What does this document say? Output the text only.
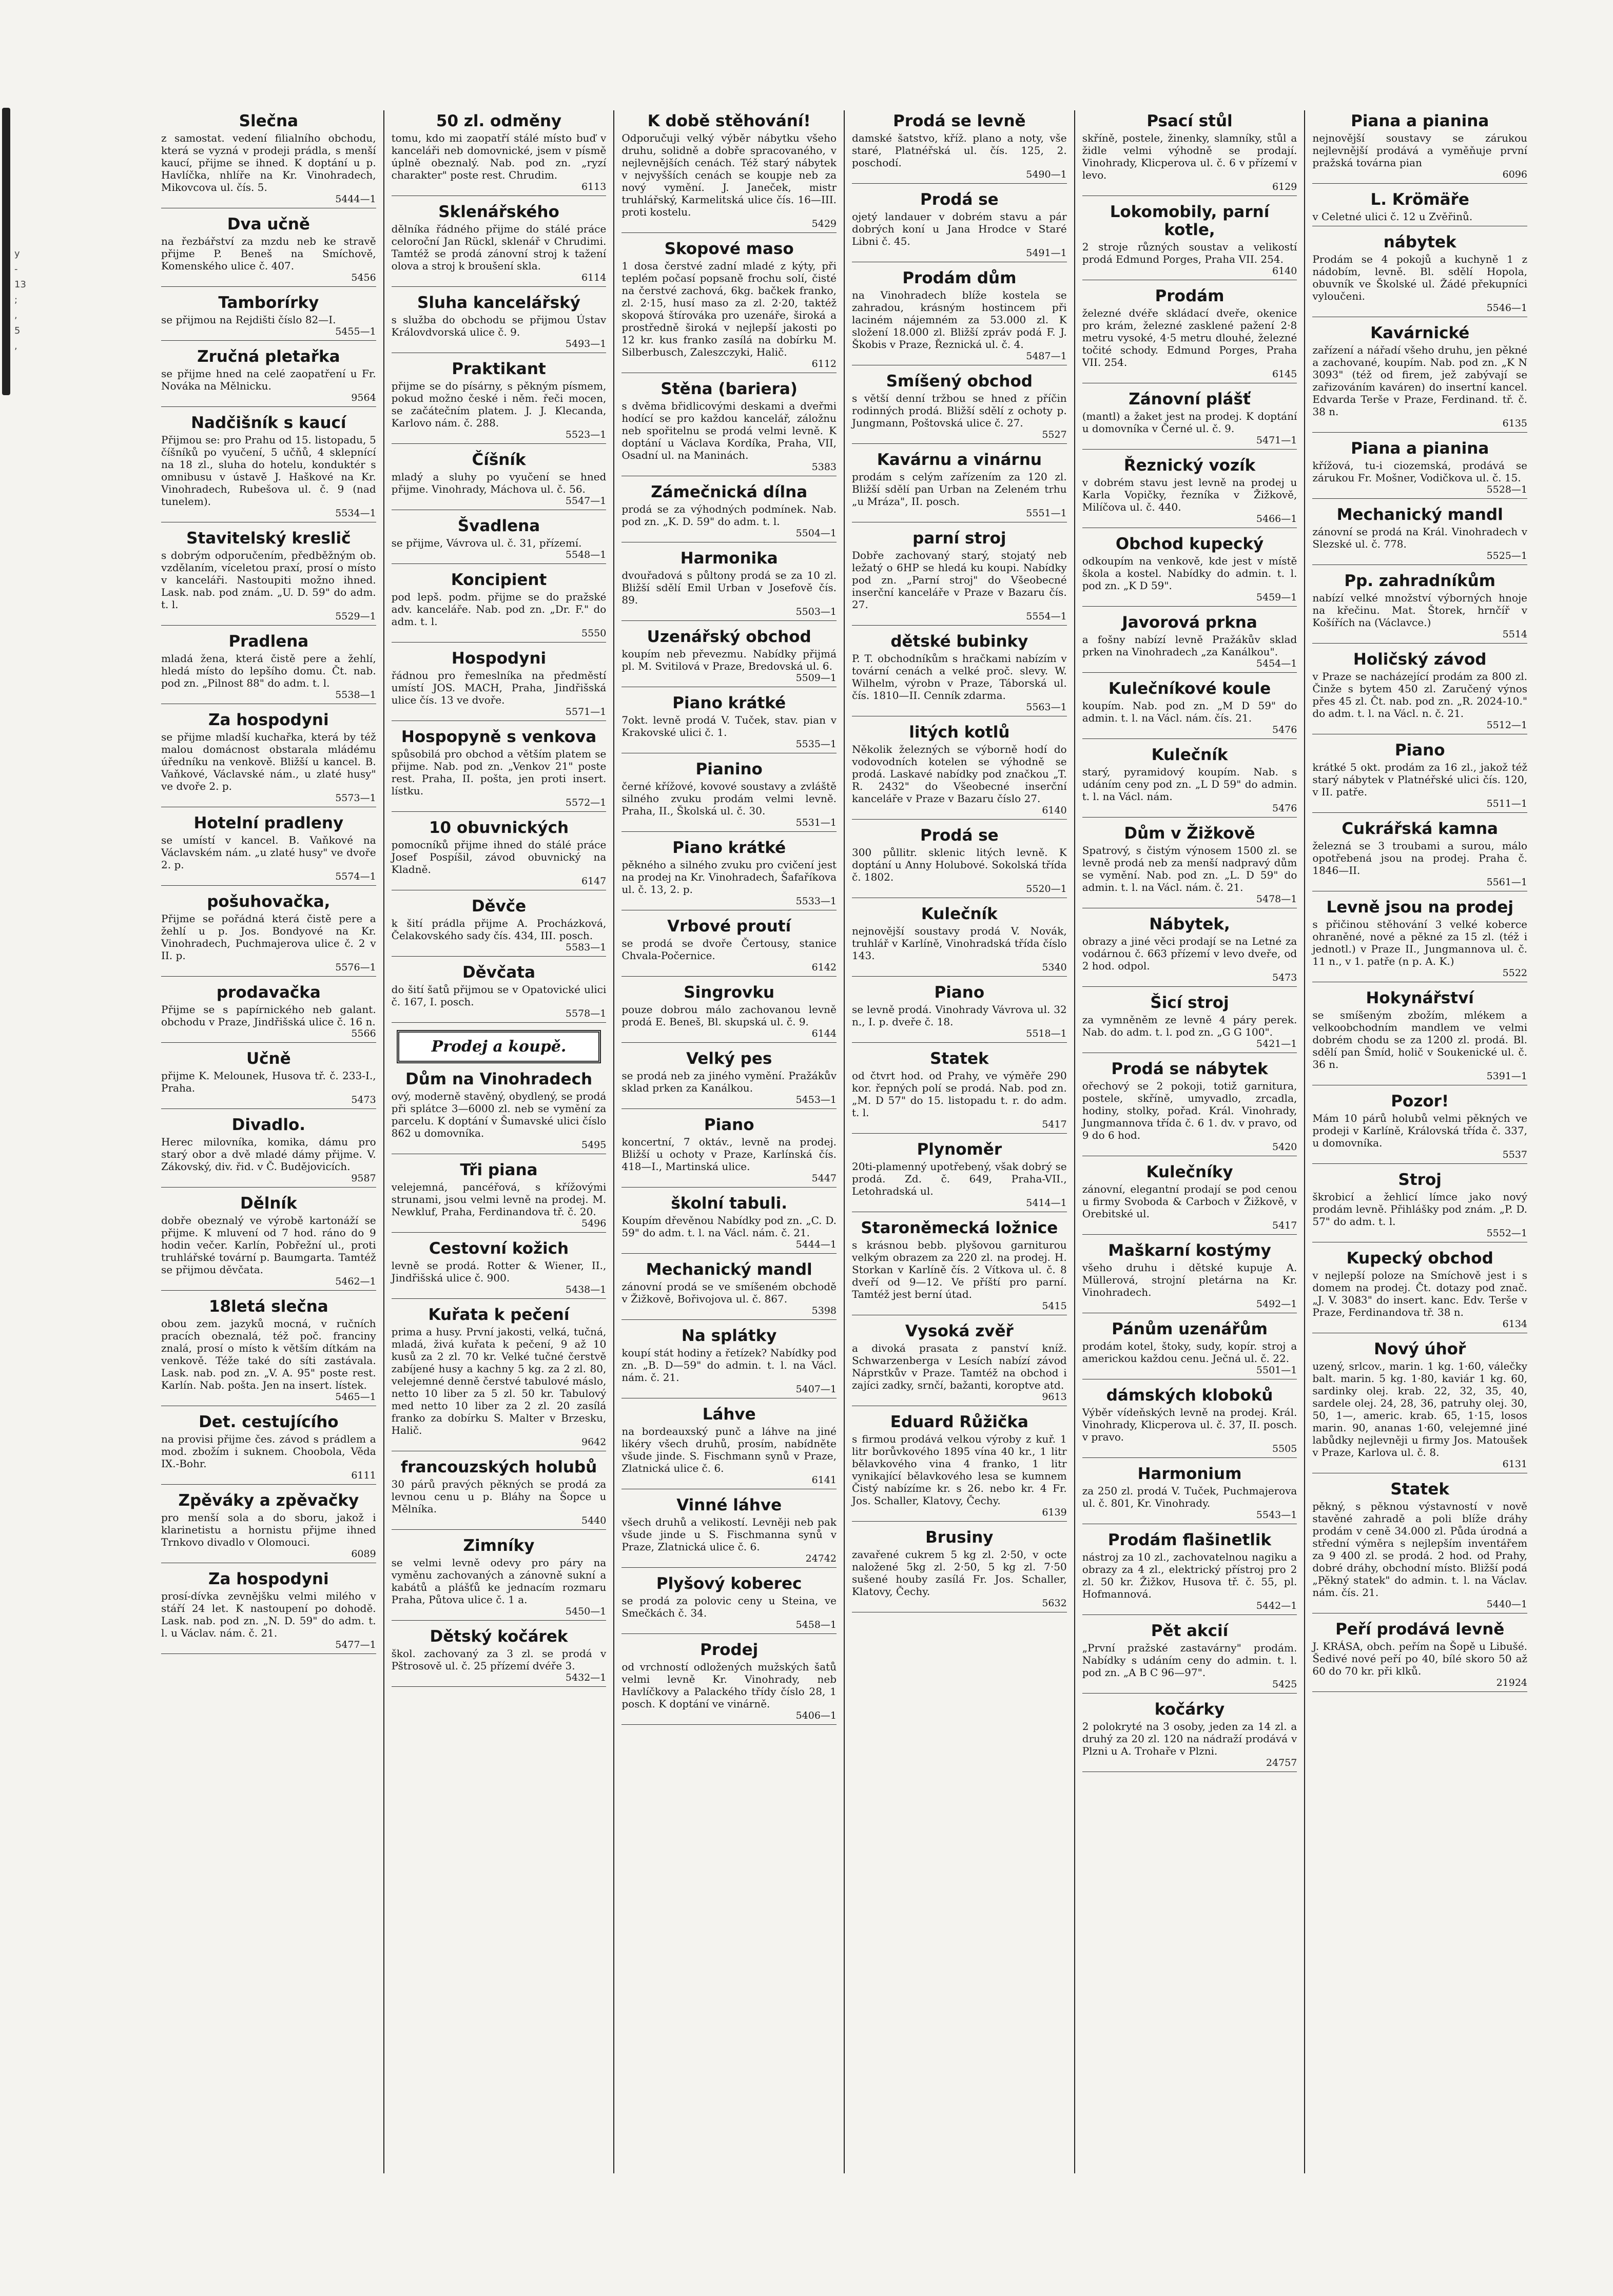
y
-
13
;
,
5
,
Slečna

z samostat. vedení filialního obchodu, která se vyzná v prodeji prádla, s menší kaucí, přijme se ihned. K doptání u p. Havlíčka, nhlíře na Kr. Vinohradech, Mikovcova ul. čís. 5.

5444—1
Dva učně

na řezbářství za mzdu neb ke stravě přijme P. Beneš na Smíchově, Komenského ulice č. 407.

5456
Tamborírky

se přijmou na Rejdišti číslo 82—I.

5455—1
Zručná pletařka

se přijme hned na celé zaopatření u Fr. Nováka na Mělnicku.

9564
Nadčišník s kaucí

Přijmou se: pro Prahu od 15. listopadu, 5 číšníků po vyučení, 5 učňů, 4 sklepnící na 18 zl., sluha do hotelu, konduktér s omnibusu v ústavě J. Haškové na Kr. Vinohradech, Rubešova ul. č. 9 (nad tunelem).

5534—1
Stavitelský kreslič

s dobrým odporučením, předběžným ob. vzdělaním, víceletou praxí, prosí o místo v kanceláři. Nastoupiti možno ihned. Lask. nab. pod znám. „U. D. 59" do adm. t. l.

5529—1
Pradlena

mladá žena, která čistě pere a žehlí, hledá místo do lepšího domu. Čt. nab. pod zn. „Pilnost 88" do adm. t. l.

5538—1
Za hospodyni

se přijme mladší kuchařka, která by též malou domácnost obstarala mládému úředníku na venkově. Bližší u kancel. B. Vaňkové, Václavské nám., u zlaté husy" ve dvoře 2. p.

5573—1
Hotelní pradleny

se umístí v kancel. B. Vaňkové na Václavském nám. „u zlaté husy" ve dvoře 2. p.

5574—1
pošuhovačka,

Přijme se pořádná která čistě pere a žehlí u p. Jos. Bondyové na Kr. Vinohradech, Puchmajerova ulice č. 2 v II. p.

5576—1
prodavačka

Přijme se s papírnického neb galant. obchodu v Praze, Jindřišská ulice č. 16 n.

5566
Učně

přijme K. Melounek, Husova tř. č. 233-I., Praha.

5473
Divadlo.

Herec milovníka, komika, dámu pro starý obor a dvě mladé dámy přijme. V. Zákovský, div. řid. v Č. Budějovicích.

9587
Dělník

dobře obeznalý ve výrobě kartonáží se přijme. K mluvení od 7 hod. ráno do 9 hodin večer. Karlín, Pobřežní ul., proti truhlářské tovární p. Baumgarta. Tamtéž se přijmou děvčata.

5462—1
18letá slečna

obou zem. jazyků mocná, v ručních pracích obeznalá, též poč. franciny znalá, prosí o místo k větším dítkám na venkově. Téže také do síti zastávala. Lask. nab. pod zn. „V. A. 95" poste rest. Karlín. Nab. pošta. Jen na insert. lístek.

5465—1
Det. cestujícího

na provisi přijme čes. závod s prádlem a mod. zbožím i suknem. Choobola, Věda IX.-Bohr.

6111
Zpěváky a zpěvačky

pro menší sola a do sboru, jakož i klarinetistu a hornistu přijme ihned Trnkovo divadlo v Olomouci.

6089
Za hospodyni

prosí-dívka zevnějšku velmi milého v stáří 24 let. K nastoupení po dohodě. Lask. nab. pod zn. „N. D. 59" do adm. t. l. u Václav. nám. č. 21.

5477—1
50 zl. odměny

tomu, kdo mi zaopatří stálé místo buď v kanceláři neb domovnické, jsem v písmě úplně obeznalý. Nab. pod zn. „ryzí charakter" poste rest. Chrudim.

6113
Sklenářského

dělníka řádného přijme do stálé práce celoroční Jan Rückl, sklenář v Chrudimi. Tamtéž se prodá zánovní stroj k tažení olova a stroj k broušení skla.

6114
Sluha kancelářský

s služba do obchodu se přijmou Ústav Královdvorská ulice č. 9.

5493—1
Praktikant

přijme se do písárny, s pěkným písmem, pokud možno české i něm. řeči mocen, se začátečním platem. J. J. Klecanda, Karlovo nám. č. 288.

5523—1
Číšník

mladý a sluhy po vyučení se hned přijme. Vinohrady, Máchova ul. č. 56.

5547—1
Švadlena

se přijme, Vávrova ul. č. 31, přízemí.

5548—1
Koncipient

pod lepš. podm. přijme se do pražské adv. kanceláře. Nab. pod zn. „Dr. F." do adm. t. l.

5550
Hospodyni

řádnou pro řemeslníka na předměstí umístí JOS. MACH, Praha, Jindřišská ulice čís. 13 ve dvoře.

5571—1
Hospopyně s venkova

spůsobilá pro obchod a větším platem se přijme. Nab. pod zn. „Venkov 21" poste rest. Praha, II. pošta, jen proti insert. lístku.

5572—1
10 obuvnických

pomocníků přijme ihned do stálé práce Josef Pospíšil, závod obuvnický na Kladně.

6147
Děvče

k šití prádla přijme A. Procházková, Čelakovského sady čís. 434, III. posch.

5583—1
Děvčata

do šití šatů přijmou se v Opatovické ulici č. 167, I. posch.

5578—1
Prodej a koupě.
Dům na Vinohradech

ový, moderně stavěný, obydlený, se prodá při splátce 3—6000 zl. neb se vymění za parcelu. K doptání v Šumavské ulici číslo 862 u domovníka.

5495
Tři piana

velejemná, pancéřová, s křížovými strunami, jsou velmi levně na prodej. M. Newkluf, Praha, Ferdinandova tř. č. 20.

5496
Cestovní kožich

levně se prodá. Rotter & Wiener, II., Jindřišská ulice č. 900.

5438—1
Kuřata k pečení

prima a husy. První jakosti, velká, tučná, mladá, živá kuřata k pečení, 9 až 10 kusů za 2 zl. 70 kr. Velké tučné čerstvě zabíjené husy a kachny 5 kg. za 2 zl. 80, velejemné denně čerstvé tabulové máslo, netto 10 liber za 5 zl. 50 kr. Tabulový med netto 10 liber za 2 zl. 20 zasílá franko za dobírku S. Malter v Brzesku, Halič.

9642
francouzských holubů

30 párů pravých pěkných se prodá za levnou cenu u p. Bláhy na Šopce u Mělníka.

5440
Zimníky

se velmi levně odevy pro páry na vyměnu zachovaných a zánovně sukní a kabátů a plášťů ke jednacím rozmaru Praha, Půtova ulice č. 1 a.

5450—1
Dětský kočárek

škol. zachovaný za 3 zl. se prodá v Pštrosově ul. č. 25 přízemí dvéře 3.

5432—1
K době stěhování!

Odporučuji velký výběr nábytku všeho druhu, solidně a dobře spracovaného, v nejlevnějších cenách. Též starý nábytek v nejvyšších cenách se koupje neb za nový vymění. J. Janeček, mistr truhlářský, Karmelitská ulice čís. 16—III. proti kostelu.

5429
Skopové maso

1 dosa čerstvé zadní mladé z kýty, při teplém počasí popsaně frochu solí, čisté na čerstvé zachová, 6kg. bačkek franko, zl. 2·15, husí maso za zl. 2·20, taktéž skopová štírováka pro uzenáře, široká a prostředně široká v nejlepší jakosti po 12 kr. kus franko zasílá na dobírku M. Silberbusch, Zaleszczyki, Halič.

6112
Stěna (bariera)

s dvěma břidlicovými deskami a dveřmi hodící se pro každou kancelář, záložnu neb spořitelnu se prodá velmi levně. K doptání u Václava Kordíka, Praha, VII, Osadní ul. na Maninách.

5383
Zámečnická dílna

prodá se za výhodných podmínek. Nab. pod zn. „K. D. 59" do adm. t. l.

5504—1
Harmonika

dvouřadová s půltony prodá se za 10 zl. Bližší sdělí Emil Urban v Josefově čís. 89.

5503—1
Uzenářský obchod

koupím neb převezmu. Nabídky přijmá pl. M. Svitilová v Praze, Bredovská ul. 6.

5509—1
Piano krátké

7okt. levně prodá V. Tuček, stav. pian v Krakovské ulici č. 1.

5535—1
Pianino

černé křížové, kovové soustavy a zvláště silného zvuku prodám velmi levně. Praha, II., Školská ul. č. 30.

5531—1
Piano krátké

pěkného a silného zvuku pro cvičení jest na prodej na Kr. Vinohradech, Šafaříkova ul. č. 13, 2. p.

5533—1
Vrbové proutí

se prodá se dvoře Čertousy, stanice Chvala-Počernice.

6142
Singrovku

pouze dobrou málo zachovanou levně prodá E. Beneš, Bl. skupská ul. č. 9.

6144
Velký pes

se prodá neb za jiného vymění. Pražákův sklad prken za Kanálkou.

5453—1
Piano

koncertní, 7 oktáv., levně na prodej. Bližší u ochoty v Praze, Karlínská čís. 418—I., Martinská ulice.

5447
školní tabuli.

Koupím dřevěnou Nabídky pod zn. „C. D. 59" do adm. t. l. na Václ. nám. č. 21.

5444—1
Mechanický mandl

zánovní prodá se ve smíšeném obchodě v Žižkově, Bořivojova ul. č. 867.

5398
Na splátky

koupí stát hodiny a řetízek? Nabídky pod zn. „B. D—59" do admin. t. l. na Václ. nám. č. 21.

5407—1
Láhve

na bordeauxský punč a láhve na jiné likéry všech druhů, prosím, nabídněte všude jinde. S. Fischmann synů v Praze, Zlatnická ulice č. 6.

6141
Vinné láhve

všech druhů a velikostí. Levněji neb pak všude jinde u S. Fischmanna synů v Praze, Zlatnická ulice č. 6.

24742
Plyšový koberec

se prodá za polovic ceny u Steina, ve Smečkách č. 34.

5458—1
Prodej

od vrchností odložených mužských šatů velmi levně Kr. Vinohrady, neb Havlíčkovy a Palackého třídy číslo 28, 1 posch. K doptání ve vinárně.

5406—1
Prodá se levně

damské šatstvo, kříž. plano a noty, vše staré, Platnéřská ul. čís. 125, 2. poschodí.

5490—1
Prodá se

ojetý landauer v dobrém stavu a pár dobrých koní u Jana Hrodce v Staré Libni č. 45.

5491—1
Prodám dům

na Vinohradech blíže kostela se zahradou, krásným hostincem při laciném nájemném za 53.000 zl. K složení 18.000 zl. Bližší zpráv podá F. J. Škobis v Praze, Řeznická ul. č. 4.

5487—1
Smíšený obchod

s větší denní tržbou se hned z příčin rodinných prodá. Bližší sdělí z ochoty p. Jungmann, Poštovská ulice č. 27.

5527
Kavárnu a vinárnu

prodám s celým zařízením za 120 zl. Bližší sdělí pan Urban na Zeleném trhu „u Mráza", II. posch.

5551—1
parní stroj

Dobře zachovaný starý, stojatý neb ležatý o 6HP se hledá ku koupi. Nabídky pod zn. „Parní stroj" do Všeobecné inserční kanceláře v Praze v Bazaru čís. 27.

5554—1
dětské bubinky

P. T. obchodníkům s hračkami nabízím v tovární cenách a velké proč. slevy. W. Wilhelm, výrobn v Praze, Táborská ul. čís. 1810—II. Cenník zdarma.

5563—1
litých kotlů

Několik železných se výborně hodí do vodovodních kotelen se výhodně se prodá. Laskavé nabídky pod značkou „T. R. 2432" do Všeobecné inserční kanceláře v Praze v Bazaru číslo 27.

6140
Prodá se

300 půllitr. sklenic litých levně. K doptání u Anny Holubové. Sokolská třída č. 1802.

5520—1
Kulečník

nejnovější soustavy prodá V. Novák, truhlář v Karlíně, Vinohradská třída číslo 143.

5340
Piano

se levně prodá. Vinohrady Vávrova ul. 32 n., I. p. dveře č. 18.

5518—1
Statek

od čtvrt hod. od Prahy, ve výměře 290 kor. řepných polí se prodá. Nab. pod zn. „M. D 57" do 15. listopadu t. r. do adm. t. l.

5417
Plynoměr

20ti-plamenný upotřebený, však dobrý se prodá. Zd. č. 649, Praha-VII., Letohradská ul.

5414—1
Staroněmecká ložnice

s krásnou bebb. plyšovou garniturou velkým obrazem za 220 zl. na prodej. H. Storkan v Karlíně čís. 2 Vítkova ul. č. 8 dveří od 9—12. Ve příští pro parní. Tamtéž jest berní útad.

5415
Vysoká zvěř

a divoká prasata z panství kníž. Schwarzenberga v Lesích nabízí závod Náprstkův v Praze. Tamtéž na obchod i zajíci zadky, srnčí, bažanti, koroptve atd.

9613
Eduard Růžička

s firmou prodává velkou výroby z kuř. 1 litr borůvkového 1895 vína 40 kr., 1 litr bělavkového vina 4 franko, 1 litr vynikající bělavkového lesa se kumnem Čistý nabízíme kr. s 26. nebo kr. 4 Fr. Jos. Schaller, Klatovy, Čechy.

6139
Brusiny

zavařené cukrem 5 kg zl. 2·50, v octe naložené 5kg zl. 2·50, 5 kg zl. 7·50 sušené houby zasílá Fr. Jos. Schaller, Klatovy, Čechy.

5632
Psací stůl

skříně, postele, žinenky, slamníky, stůl a židle velmi výhodně se prodají. Vinohrady, Klicperova ul. č. 6 v přízemí v levo.

6129
Lokomobily, parní kotle,

2 stroje různých soustav a velikostí prodá Edmund Porges, Praha VII. 254.

6140
Prodám

železné dvéře skládací dveře, okenice pro krám, železné zasklené pažení 2·8 metru vysoké, 4·5 metru dlouhé, železné točité schody. Edmund Porges, Praha VII. 254.

6145
Zánovní plášť

(mantl) a žaket jest na prodej. K doptání u domovníka v Černé ul. č. 9.

5471—1
Řeznický vozík

v dobrém stavu jest levně na prodej u Karla Vopičky, řezníka v Žižkově, Milíčova ul. č. 440.

5466—1
Obchod kupecký

odkoupím na venkově, kde jest v místě škola a kostel. Nabídky do admin. t. l. pod zn. „K D 59".

5459—1
Javorová prkna

a fošny nabízí levně Pražákův sklad prken na Vinohradech „za Kanálkou".

5454—1
Kulečníkové koule

koupím. Nab. pod zn. „M D 59" do admin. t. l. na Václ. nám. čís. 21.

5476
Kulečník

starý, pyramidový koupím. Nab. s udáním ceny pod zn. „L D 59" do admin. t. l. na Václ. nám.

5476
Dům v Žižkově

Spatrový, s čistým výnosem 1500 zl. se levně prodá neb za menší nadpravý dům se vymění. Nab. pod zn. „L. D 59" do admin. t. l. na Václ. nám. č. 21.

5478—1
Nábytek,

obrazy a jiné věci prodají se na Letné za vodárnou č. 663 přízemí v levo dveře, od 2 hod. odpol.

5473
Šicí stroj

za vymněněm ze levně 4 páry perek. Nab. do adm. t. l. pod zn. „G G 100".

5421—1
Prodá se nábytek

ořechový se 2 pokoji, totiž garnitura, postele, skříně, umyvadlo, zrcadla, hodiny, stolky, pořad. Král. Vinohrady, Jungmannova třída č. 6 1. dv. v pravo, od 9 do 6 hod.

5420
Kulečníky

zánovní, elegantní prodají se pod cenou u firmy Svoboda & Carboch v Žižkově, v Orebitské ul.

5417
Maškarní kostýmy

všeho druhu i dětské kupuje A. Müllerová, strojní pletárna na Kr. Vinohradech.

5492—1
Pánům uzenářům

prodám kotel, štoky, sudy, kopír. stroj a americkou každou cenu. Ječná ul. č. 22.

5501—1
dámských kloboků

Výběr vídeňských levně na prodej. Král. Vinohrady, Klicperova ul. č. 37, II. posch. v pravo.

5505
Harmonium

za 250 zl. prodá V. Tuček, Puchmajerova ul. č. 801, Kr. Vinohrady.

5543—1
Prodám flašinetlik

nástroj za 10 zl., zachovatelnou nagiku a obrazy za 4 zl., elektrický přístroj pro 2 zl. 50 kr. Žižkov, Husova tř. č. 55, pl. Hofmannová.

5442—1
Pět akcií

„První pražské zastavárny" prodám. Nabídky s udáním ceny do admin. t. l. pod zn. „A B C 96—97".

5425
kočárky

2 polokryté na 3 osoby, jeden za 14 zl. a druhý za 20 zl. 120 na nádraží prodává v Plzni u A. Trohaře v Plzni.

24757
Piana a pianina

nejnovější soustavy se zárukou nejlevnější prodává a vyměňuje první pražská továrna pian

6096
L. Krömäře

v Celetné ulici č. 12 u Zvěřinů.

nábytek

Prodám se 4 pokojů a kuchyně 1 z nádobím, levně. Bl. sdělí Hopola, obuvník ve Školské ul. Žádé překupníci vyloučeni.

5546—1
Kavárnické

zařízení a nářadí všeho druhu, jen pěkné a zachované, koupím. Nab. pod zn. „K N 3093" (též od firem, jež zabývají se zařizováním kaváren) do insertní kancel. Edvarda Terše v Praze, Ferdinand. tř. č. 38 n.

6135
Piana a pianina

křížová, tu-i ciozemská, prodává se zárukou Fr. Mošner, Vodičkova ul. č. 15.

5528—1
Mechanický mandl

zánovní se prodá na Král. Vinohradech v Slezské ul. č. 778.

5525—1
Pp. zahradníkům

nabízí velké množství výborných hnoje na křečinu. Mat. Štorek, hrnčíř v Košířích na (Václavce.)

5514
Holičský závod

v Praze se nacházející prodám za 800 zl. Činže s bytem 450 zl. Zaručený výnos přes 45 zl. Čt. nab. pod zn. „R. 2024-10." do adm. t. l. na Václ. n. č. 21.

5512—1
Piano

krátké 5 okt. prodám za 16 zl., jakož též starý nábytek v Platnéřské ulici čís. 120, v II. patře.

5511—1
Cukrářská kamna

železná se 3 troubami a surou, málo opotřebená jsou na prodej. Praha č. 1846—II.

5561—1
Levně jsou na prodej

s přičinou stěhování 3 velké koberce ohraněné, nové a pěkné za 15 zl. (též i jednotl.) v Praze II., Jungmannova ul. č. 11 n., v 1. patře (n p. A. K.)

5522
Hokynářství

se smíšeným zbožím, mlékem a velkoobchodním mandlem ve velmi dobrém chodu se za 1200 zl. prodá. Bl. sdělí pan Šmíd, holič v Soukenické ul. č. 36 n.

5391—1
Pozor!

Mám 10 párů holubů velmi pěkných ve prodeji v Karlíně, Královská třída č. 337, u domovníka.

5537
Stroj

škrobicí a žehlicí límce jako nový prodám levně. Přihlášky pod znám. „P. D. 57" do adm. t. l.

5552—1
Kupecký obchod

v nejlepší poloze na Smíchově jest i s domem na prodej. Čt. dotazy pod znač. „J. V. 3083" do insert. kanc. Edv. Terše v Praze, Ferdinandova tř. 38 n.

6134
Nový úhoř

uzený, srlcov., marin. 1 kg. 1·60, válečky balt. marin. 5 kg. 1·80, kaviár 1 kg. 60, sardinky olej. krab. 22, 32, 35, 40, sardele olej. 24, 28, 36, patruhy olej. 30, 50, 1—, americ. krab. 65, 1·15, losos marin. 90, ananas 1·60, velejemné jiné labůdky nejlevněji u firmy Jos. Matoušek v Praze, Karlova ul. č. 8.

6131
Statek

pěkný, s pěknou výstavností v nově stavěné zahradě a poli blíže dráhy prodám v ceně 34.000 zl. Půda úrodná a střední výměra s nejlepším inventářem za 9 400 zl. se prodá. 2 hod. od Prahy, dobré dráhy, obchodní místo. Bližší podá „Pěkný statek" do admin. t. l. na Václav. nám. čís. 21.

5440—1
Peří prodává levně

J. KRÁSA, obch. peřím na Šopě u Libušé. Šedivé nové peří po 40, bílé skoro 50 až 60 do 70 kr. při klků.

21924
